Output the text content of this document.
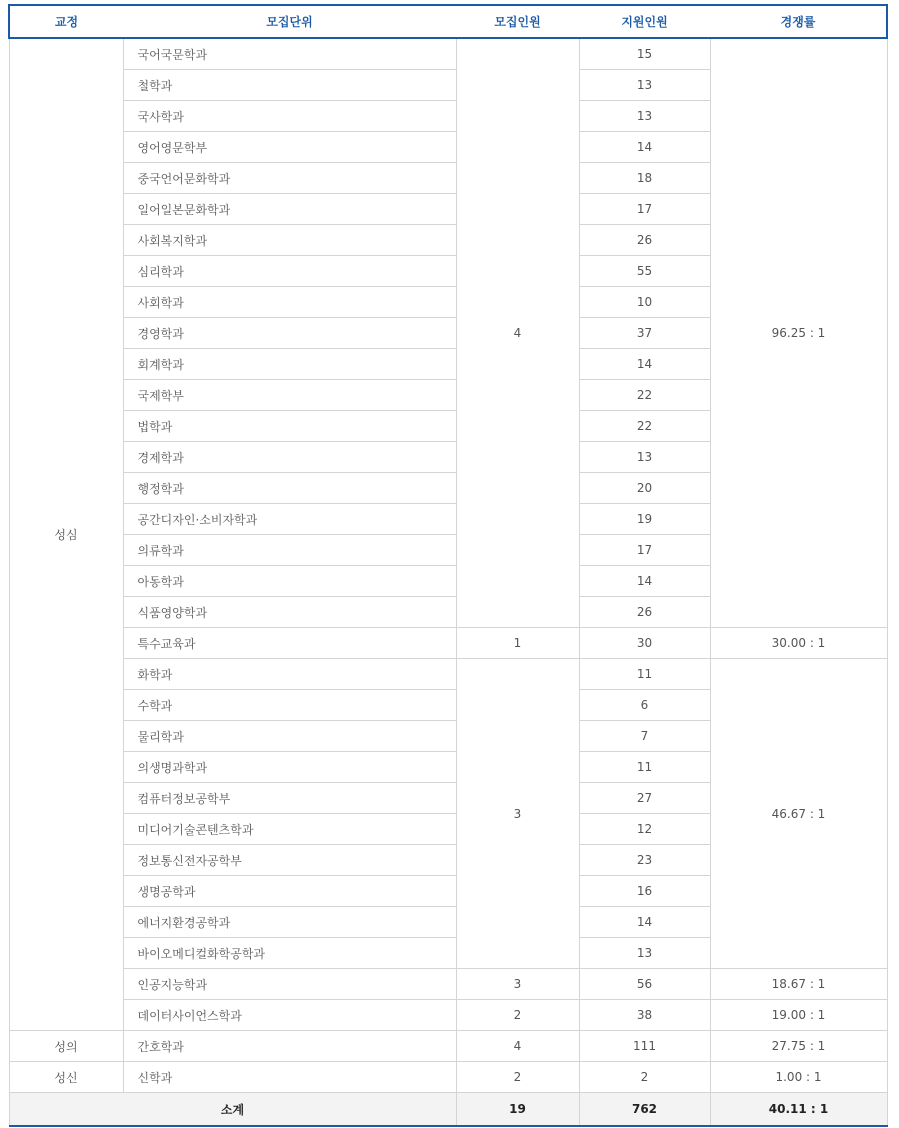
교정	모집단위	모집인원	지원인원	경쟁률
성심	국어국문학과	4	15	96.25 : 1
	철학과		13	
	국사학과		13	
	영어영문학부		14	
	중국언어문화학과		18	
	일어일본문화학과		17	
	사회복지학과		26	
	심리학과		55	
	사회학과		10	
	경영학과		37	
	회계학과		14	
	국제학부		22	
	법학과		22	
	경제학과		13	
	행정학과		20	
	공간디자인·소비자학과		19	
	의류학과		17	
	아동학과		14	
	식품영양학과		26	
	특수교육과	1	30	30.00 : 1
	화학과	3	11	46.67 : 1
	수학과		6	
	물리학과		7	
	의생명과학과		11	
	컴퓨터정보공학부		27	
	미디어기술콘텐츠학과		12	
	정보통신전자공학부		23	
	생명공학과		16	
	에너지환경공학과		14	
	바이오메디컬화학공학과		13	
	인공지능학과	3	56	18.67 : 1
	데이터사이언스학과	2	38	19.00 : 1
성의	간호학과	4	111	27.75 : 1
성신	신학과	2	2	1.00 : 1
소계		19	762	40.11 : 1
